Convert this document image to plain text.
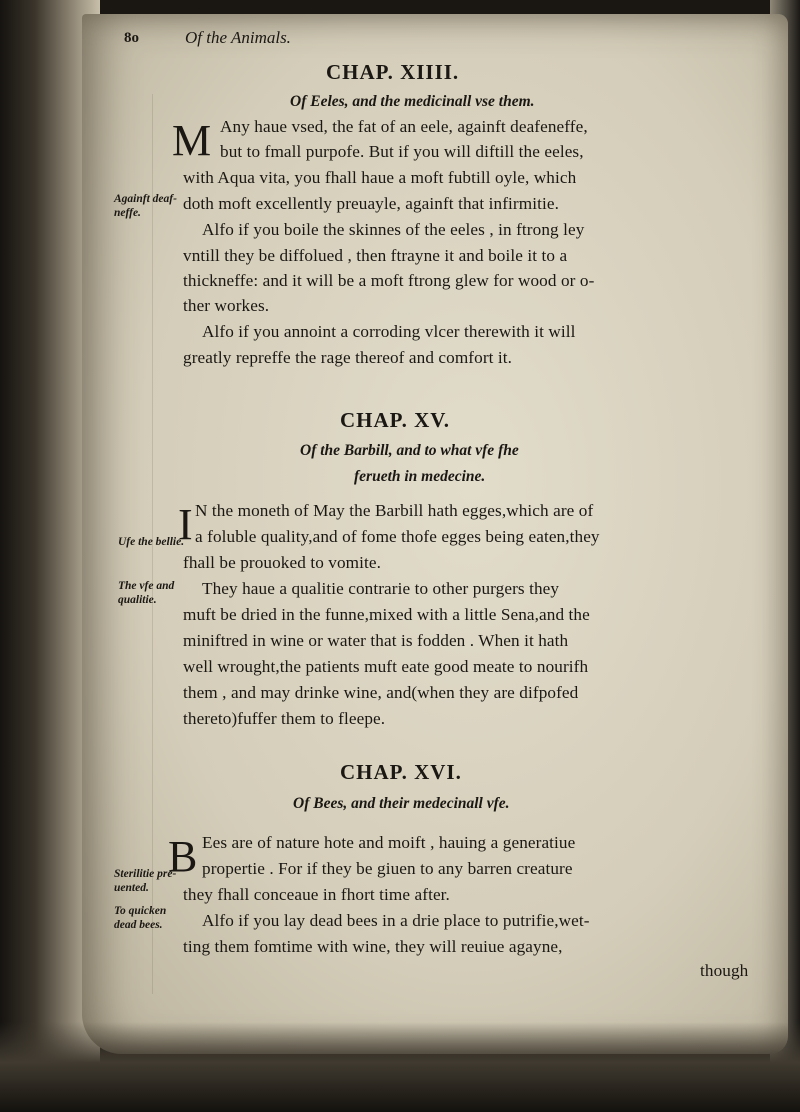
8o	Of the Animals.
CHAP. XIIII.
Of Eeles, and the medicinall vse them.
M Any haue vsed, the fat of an eele, againft deafeneffe,
but to fmall purpofe. But if you will diftill the eeles,
with Aqua vita, you fhall haue a moft fubtill oyle, which
doth moft excellently preuayle, againft that infirmitie.
Alfo if you boile the skinnes of the eeles , in ftrong ley
vntill they be diffolued , then ftrayne it and boile it to a
thickneffe: and it will be a moft ftrong glew for wood or o-
ther workes.
Alfo if you annoint a corroding vlcer therewith it will
greatly repreffe the rage thereof and comfort it.
Againft deaf-
neffe.
CHAP. XV.
Of the Barbill, and to what vfe fhe
ferueth in medecine.
I N the moneth of May the Barbill hath egges,which are of
a foluble quality,and of fome thofe egges being eaten,they
fhall be prouoked to vomite.
They haue a qualitie contrarie to other purgers they
muft be dried in the funne,mixed with a little Sena,and the
miniftred in wine or water that is fodden . When it hath
well wrought,the patients muft eate good meate to nourifh
them , and may drinke wine, and(when they are difpofed
thereto)fuffer them to fleepe.
Ufe the bellie.
The vfe and
qualitie.
CHAP. XVI.
Of Bees, and their medecinall vfe.
B Ees are of nature hote and moift , hauing a generatiue
propertie . For if they be giuen to any barren creature
they fhall conceaue in fhort time after.
Alfo if you lay dead bees in a drie place to putrifie,wet-
ting them fomtime with wine, they will reuiue agayne,
though
Sterilitie pre-
uented.
To quicken
dead bees.
